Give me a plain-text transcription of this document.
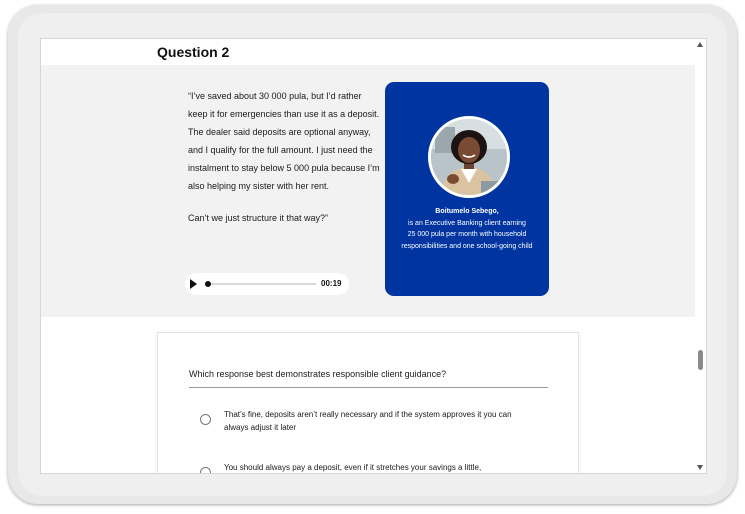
Question 2

“I’ve saved about 30 000 pula, but I’d rather keep it for emergencies than use it as a deposit. The dealer said deposits are optional anyway, and I qualify for the full amount. I just need the instalment to stay below 5 000 pula because I’m also helping my sister with her rent.

Can’t we just structure it that way?”

00:19
Boitumelo Sebego,
is an Executive Banking client earning
25 000 pula per month with household
responsibilities and one school-going child
Which response best demonstrates responsible client guidance?
That’s fine, deposits aren’t really necessary and if the system approves it you can always adjust it later
You should always pay a deposit, even if it stretches your savings a little,
